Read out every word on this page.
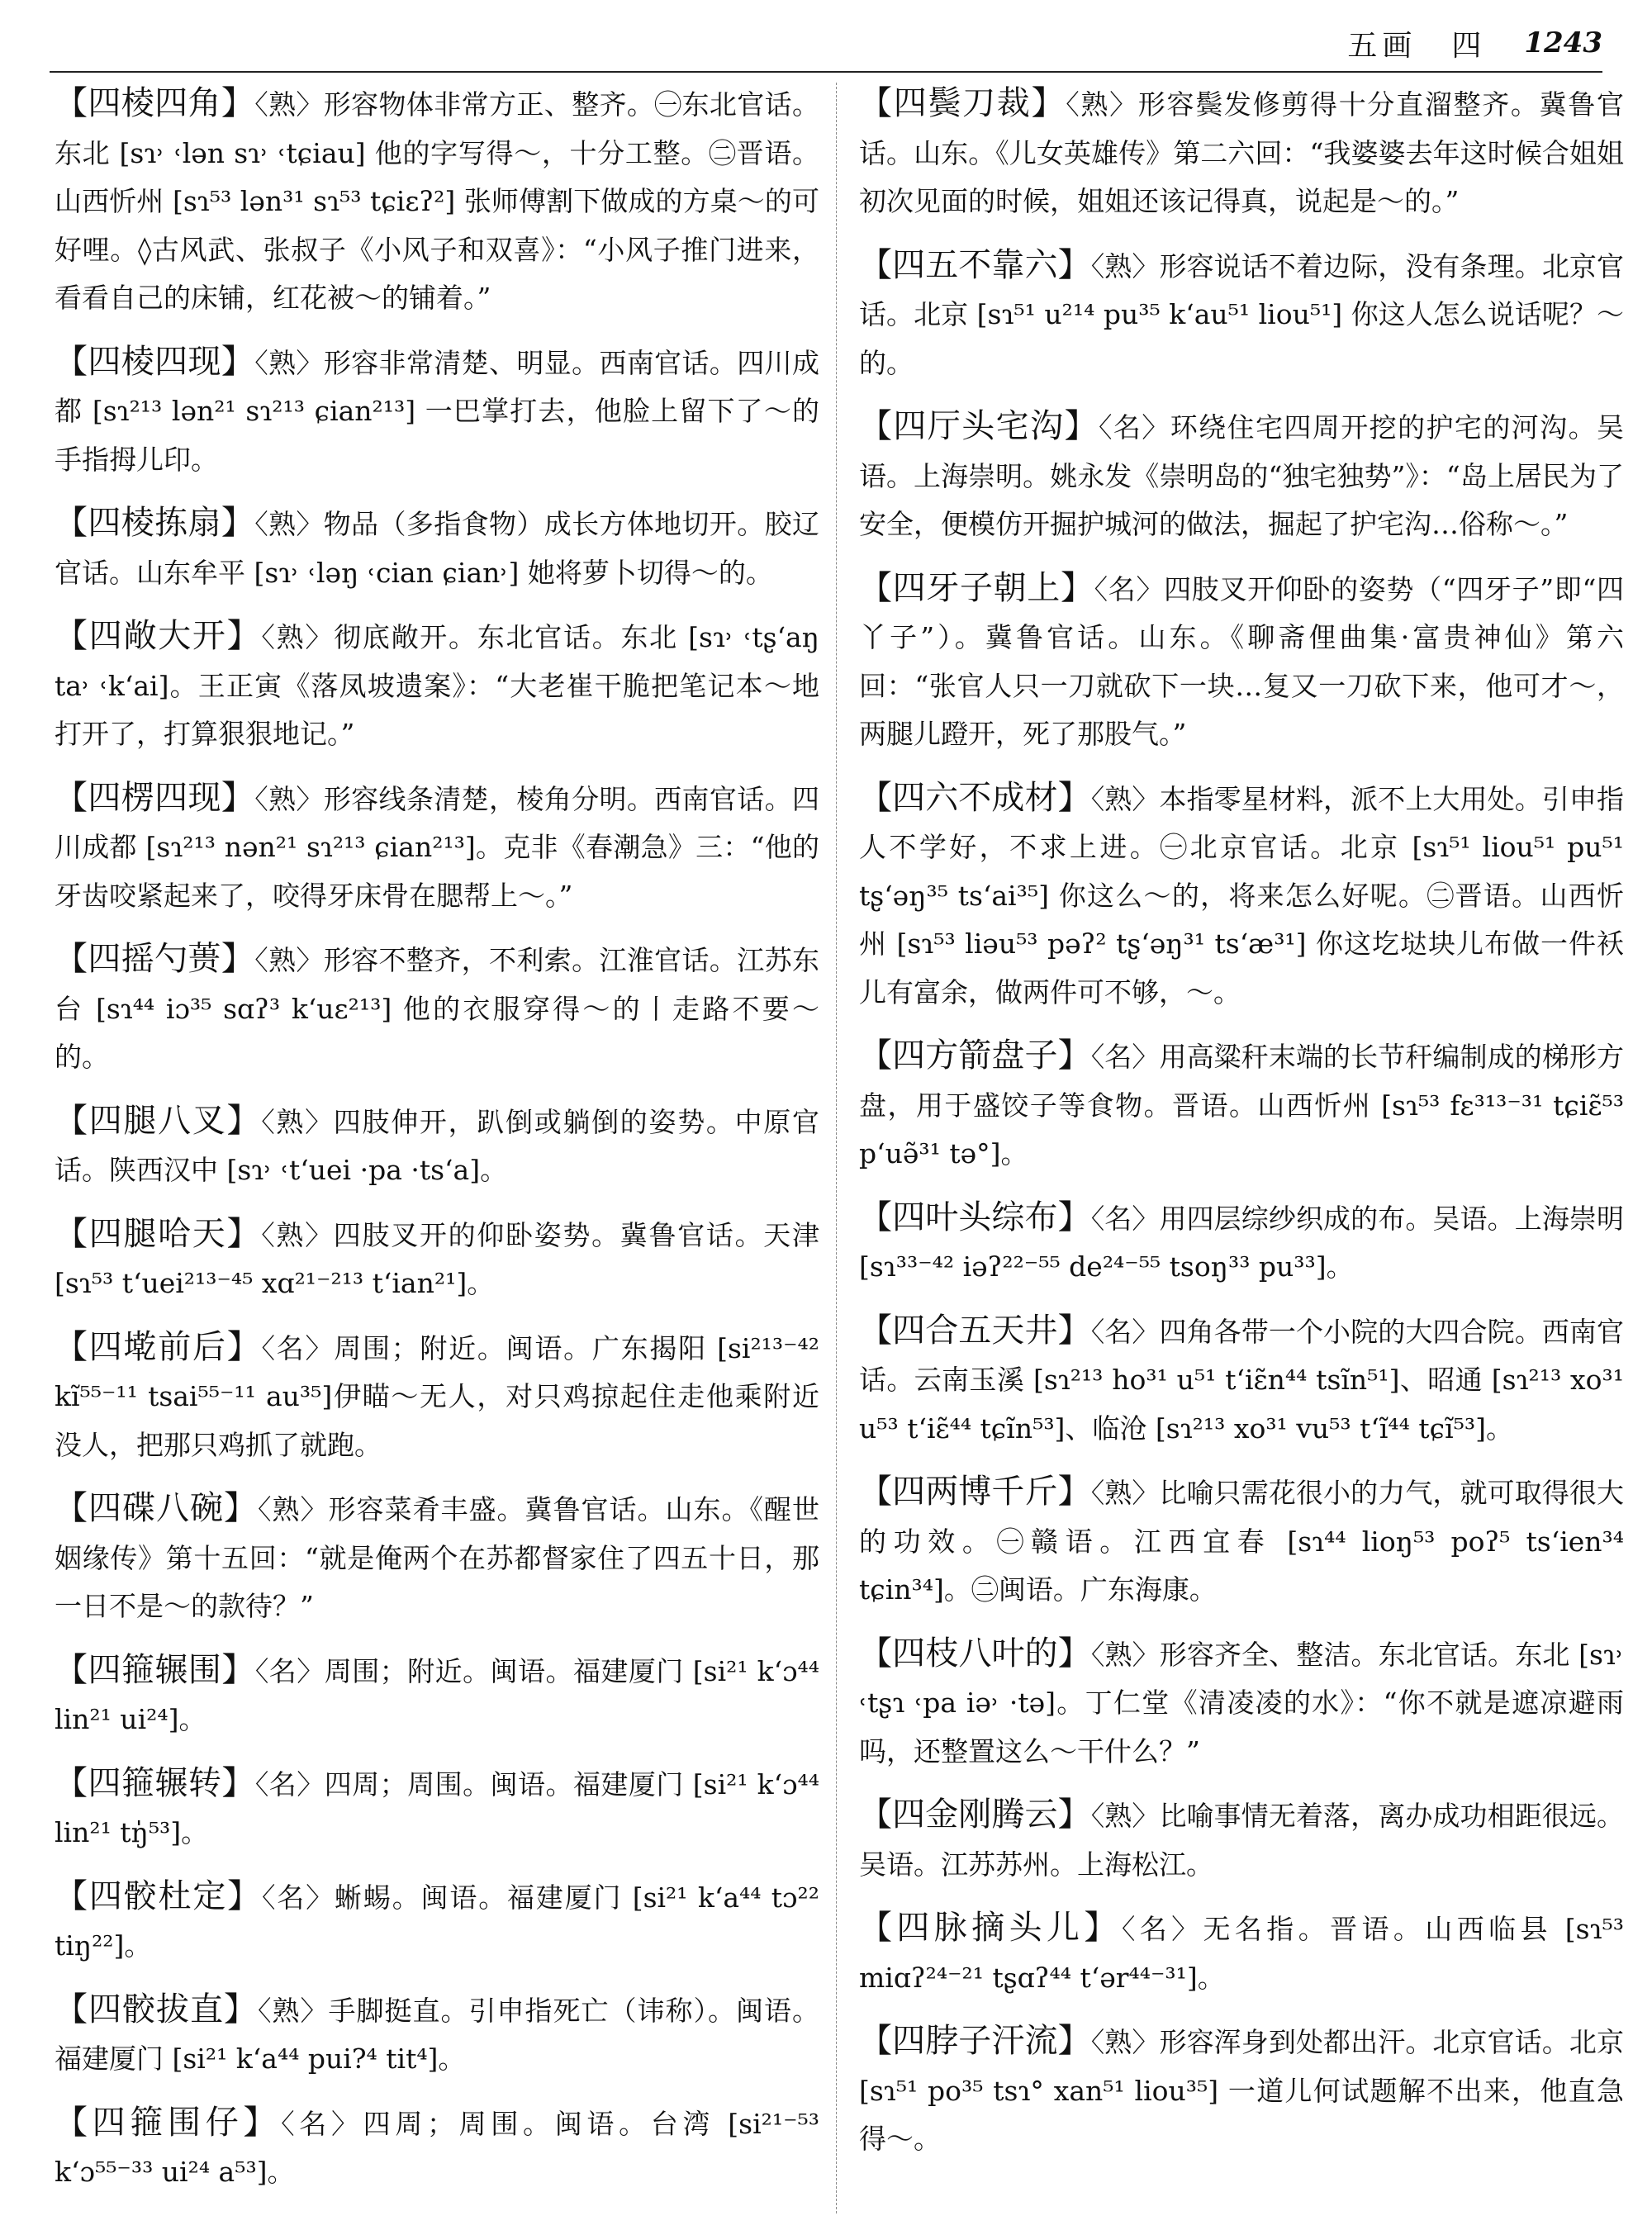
五画　四 1243
【四棱四角】〈熟〉形容物体非常方正、整齐。㊀东北官话。东北 [sɿ˒ ˓lən sɿ˒ ˓tɕiau] 他的字写得～，十分工整。㊁晋语。山西忻州 [sɿ⁵³ lən³¹ sɿ⁵³ tɕiɛʔ²] 张师傅割下做成的方桌～的可好哩。◊古风武、张叔子《小风子和双喜》：“小风子推门进来，看看自己的床铺，红花被～的铺着。”
【四棱四现】〈熟〉形容非常清楚、明显。西南官话。四川成都 [sɿ²¹³ lən²¹ sɿ²¹³ ɕian²¹³] 一巴掌打去，他脸上留下了～的手指拇儿印。
【四棱拣扇】〈熟〉物品（多指食物）成长方体地切开。胶辽官话。山东牟平 [sɿ˒ ˓ləŋ ˓cian ɕian˒] 她将萝卜切得～的。
【四敞大开】〈熟〉彻底敞开。东北官话。东北 [sɿ˒ ˓tʂ‘aŋ ta˒ ˓k‘ai]。王正寅《落凤坡遗案》：“大老崔干脆把笔记本～地打开了，打算狠狠地记。”
【四楞四现】〈熟〉形容线条清楚，棱角分明。西南官话。四川成都 [sɿ²¹³ nən²¹ sɿ²¹³ ɕian²¹³]。克非《春潮急》三：“他的牙齿咬紧起来了，咬得牙床骨在腮帮上～。”
【四摇勺蒉】〈熟〉形容不整齐，不利索。江淮官话。江苏东台 [sɿ⁴⁴ iɔ³⁵ sɑʔ³ k‘uɛ²¹³] 他的衣服穿得～的丨走路不要～的。
【四腿八叉】〈熟〉四肢伸开，趴倒或躺倒的姿势。中原官话。陕西汉中 [sɿ˒ ˓t‘uei ·pa ·ts‘a]。
【四腿哈天】〈熟〉四肢叉开的仰卧姿势。冀鲁官话。天津 [sɿ⁵³ t‘uei²¹³⁻⁴⁵ xɑ²¹⁻²¹³ t‘ian²¹]。
【四墘前后】〈名〉周围；附近。闽语。广东揭阳 [si²¹³⁻⁴² kĩ⁵⁵⁻¹¹ tsai⁵⁵⁻¹¹ au³⁵]伊瞄～无人，对只鸡掠起住走他乘附近没人，把那只鸡抓了就跑。
【四碟八碗】〈熟〉形容菜肴丰盛。冀鲁官话。山东。《醒世姻缘传》第十五回：“就是俺两个在苏都督家住了四五十日，那一日不是～的款待？”
【四箍辗围】〈名〉周围；附近。闽语。福建厦门 [si²¹ k‘ɔ⁴⁴ lin²¹ ui²⁴]。
【四箍辗转】〈名〉四周；周围。闽语。福建厦门 [si²¹ k‘ɔ⁴⁴ lin²¹ tŋ̍⁵³]。
【四骹杜定】〈名〉蜥蜴。闽语。福建厦门 [si²¹ k‘a⁴⁴ tɔ²² tiŋ²²]。
【四骹拔直】〈熟〉手脚挺直。引申指死亡（讳称）。闽语。福建厦门 [si²¹ k‘a⁴⁴ pui?⁴ tit⁴]。
【四箍围仔】〈名〉四周；周围。闽语。台湾 [si²¹⁻⁵³ k‘ɔ⁵⁵⁻³³ ui²⁴ a⁵³]。
【四鬓刀裁】〈熟〉形容鬓发修剪得十分直溜整齐。冀鲁官话。山东。《儿女英雄传》第二六回：“我婆婆去年这时候合姐姐初次见面的时候，姐姐还该记得真，说起是～的。”
【四五不靠六】〈熟〉形容说话不着边际，没有条理。北京官话。北京 [sɿ⁵¹ u²¹⁴ pu³⁵ k‘au⁵¹ liou⁵¹] 你这人怎么说话呢？～的。
【四厅头宅沟】〈名〉环绕住宅四周开挖的护宅的河沟。吴语。上海崇明。姚永发《崇明岛的“独宅独势”》：“岛上居民为了安全，便模仿开掘护城河的做法，掘起了护宅沟…俗称～。”
【四牙子朝上】〈名〉四肢叉开仰卧的姿势（“四牙子”即“四丫子”）。冀鲁官话。山东。《聊斋俚曲集·富贵神仙》第六回：“张官人只一刀就砍下一块…复又一刀砍下来，他可才～，两腿儿蹬开，死了那股气。”
【四六不成材】〈熟〉本指零星材料，派不上大用处。引申指人不学好，不求上进。㊀北京官话。北京 [sɿ⁵¹ liou⁵¹ pu⁵¹ tʂ‘əŋ³⁵ ts‘ai³⁵] 你这么～的，将来怎么好呢。㊁晋语。山西忻州 [sɿ⁵³ liəu⁵³ pəʔ² tʂ‘əŋ³¹ ts‘æ³¹] 你这圪垯块儿布做一件袄儿有富余，做两件可不够，～。
【四方箭盘子】〈名〉用高粱秆末端的长节秆编制成的梯形方盘，用于盛饺子等食物。晋语。山西忻州 [sɿ⁵³ fɛ³¹³⁻³¹ tɕiɛ̃⁵³ p‘uə̃³¹ tə°]。
【四叶头综布】〈名〉用四层综纱织成的布。吴语。上海崇明 [sɿ³³⁻⁴² iəʔ²²⁻⁵⁵ de²⁴⁻⁵⁵ tsoŋ³³ pu³³]。
【四合五天井】〈名〉四角各带一个小院的大四合院。西南官话。云南玉溪 [sɿ²¹³ ho³¹ u⁵¹ t‘iɛ̃n⁴⁴ tsĩn⁵¹]、昭通 [sɿ²¹³ xo³¹ u⁵³ t‘iɛ̃⁴⁴ tɕĩn⁵³]、临沧 [sɿ²¹³ xo³¹ vu⁵³ t‘ĩ⁴⁴ tɕĩ⁵³]。
【四两博千斤】〈熟〉比喻只需花很小的力气，就可取得很大的功效。㊀赣语。江西宜春 [sɿ⁴⁴ lioŋ⁵³ poʔ⁵ ts‘ien³⁴ tɕin³⁴]。㊁闽语。广东海康。
【四枝八叶的】〈熟〉形容齐全、整洁。东北官话。东北 [sɿ˒ ˓tʂɿ ˓pa iə˒ ·tə]。丁仁堂《清凌凌的水》：“你不就是遮凉避雨吗，还整置这么～干什么？”
【四金刚腾云】〈熟〉比喻事情无着落，离办成功相距很远。吴语。江苏苏州。上海松江。
【四脉摘头儿】〈名〉无名指。晋语。山西临县 [sɿ⁵³ miɑʔ²⁴⁻²¹ tʂɑʔ⁴⁴ t‘ər⁴⁴⁻³¹]。
【四脖子汗流】〈熟〉形容浑身到处都出汗。北京官话。北京 [sɿ⁵¹ po³⁵ tsɿ° xan⁵¹ liou³⁵] 一道儿何试题解不出来，他直急得～。
